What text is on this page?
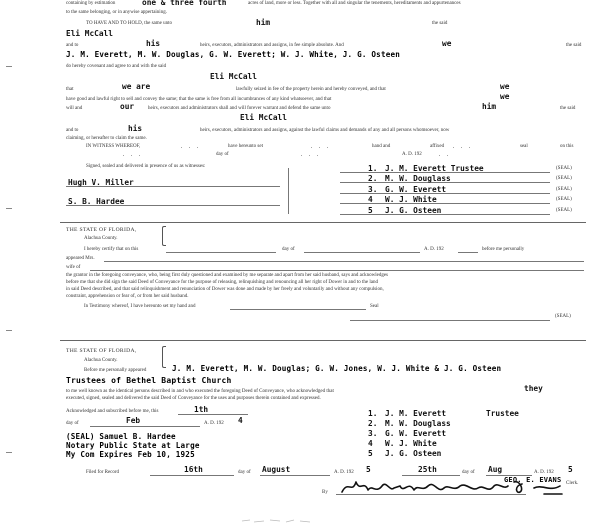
containing by estimation	one & three fourth	acres of land, more or less. Together with all and singular the tenements, hereditaments and appurtenances
to the same belonging, or in anywise appertaining.
TO HAVE AND TO HOLD, the same unto	him	the said
Eli McCall
and to	his	heirs, executors, administrators and assigns, in fee simple absolute. And	we	the said
J. M. Everett, M. W. Douglas, G. W. Everett; W. J. White, J. G. Osteen
do hereby covenant and agree to and with the said
Eli McCall
that	we are	lawfully seized in fee of the property herein and hereby conveyed, and that	we
have good and lawful right to sell and convey the same; that the same is free from all incumbrances of any kind whatsoever, and that	we
will and	our	heirs, executors and administrators shall and will forever warrant and defend the same unto	him	the said
Eli McCall
and to	his	heirs, executors, administrators and assigns, against the lawful claims and demands of any and all persons whomsoever, now
claiming, or hereafter to claim the same.
IN WITNESS WHEREOF,	. . .	have hereunto set	. . .	hand and	affixed . . .	seal	on this
. . .	day of	. . .	A. D. 192	. .
Signed, sealed and delivered in presence of us as witnesses:
Hugh V. Miller
S. B. Hardee
1. J. M. Everett Trustee	(SEAL)
2. M. W. Douglass	(SEAL)
3. G. W. Everett	(SEAL)
4 W. J. White	(SEAL)
5 J. G. Osteen	(SEAL)
THE STATE OF FLORIDA,
Alachua County.
I hereby certify that on this	day of	A. D. 192	before me personally
appeared Mrs.
wife of
the grantor in the foregoing conveyance, who, being first duly questioned and examined by me separate and apart from her said husband, says and acknowledges
before me that she did sign the said Deed of Conveyance for the purpose of releasing, relinquishing and renouncing all her right of Dower in and to the land
in said Deed described, and that said relinquishment and renunciation of Dower was done and made by her freely and voluntarily and without any compulsion,
constraint, apprehension or fear of, or from her said husband.
In Testimony whereof, I have hereunto set my hand and	Seal
(SEAL)
THE STATE OF FLORIDA,
Alachua County.
Before me personally appeared	J. M. Everett, M. W. Douglas; G. W. Jones, W. J. White & J. G. Osteen
Trustees of Bethel Baptist Church
to me well known as the identical persons described in and who executed the foregoing Deed of Conveyance, who acknowledged that	they
executed, signed, sealed and delivered the said Deed of Conveyance for the uses and purposes therein contained and expressed.
Acknowledged and subscribed before me, this	1th
day of	Feb	A. D. 192 4
(SEAL) Samuel B. Hardee
Notary Public State at Large
My Com Expires Feb 10, 1925
1. J. M. Everett	Trustee
2. M. W. Douglass
3. G. W. Everett
4 W. J. White
5 J. G. Osteen
Filed for Record	16th	day of August	A. D. 192 5	25th	day of Aug	A. D. 192 5
GEO. E. EVANS Clerk.
By
